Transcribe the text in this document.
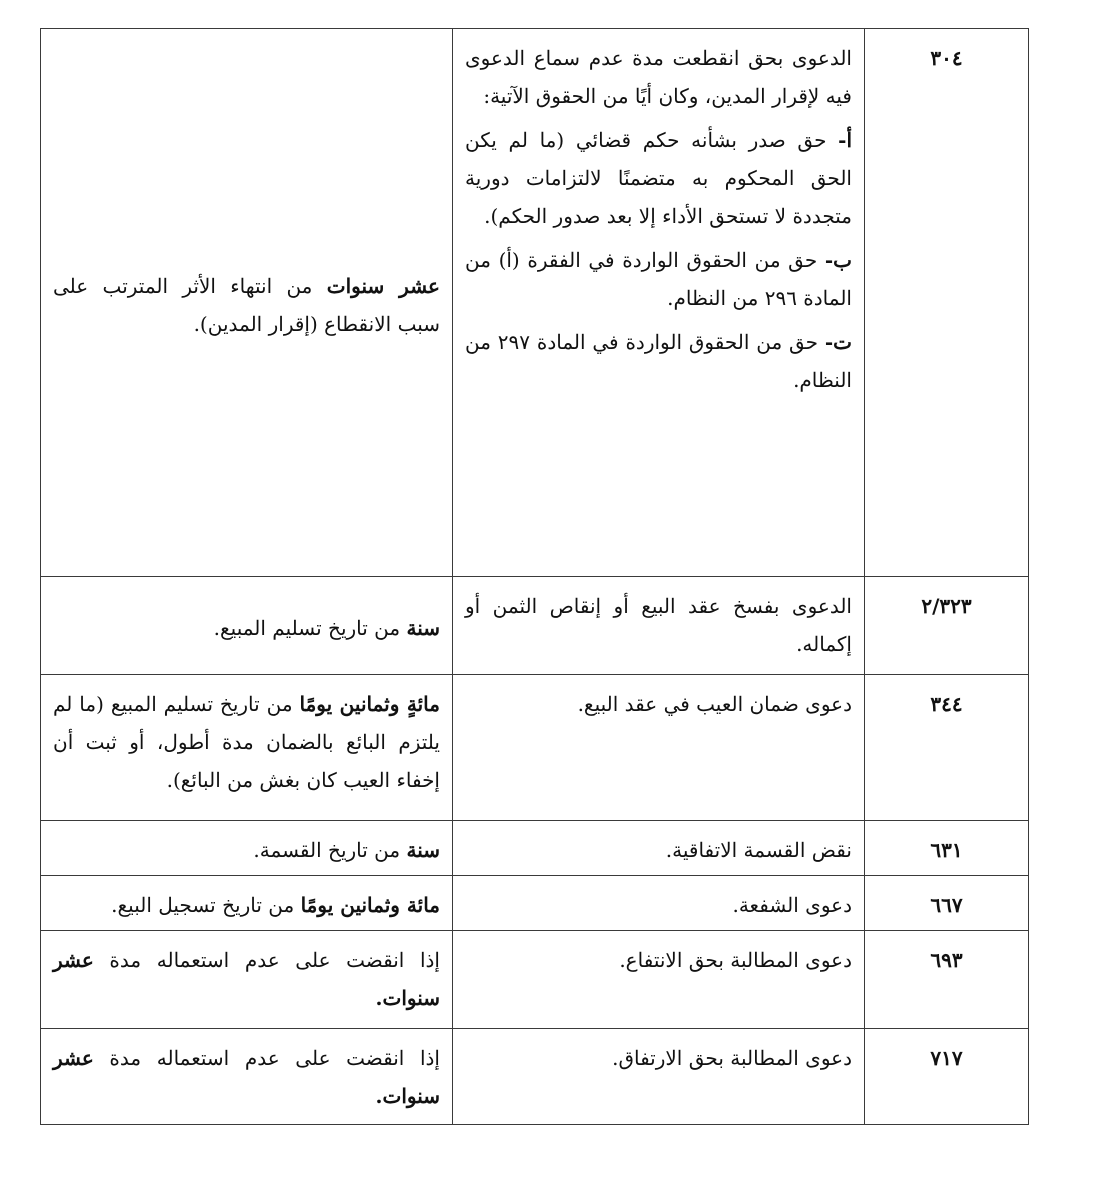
٣٠٤	الدعوى بحق انقطعت مدة عدم سماع الدعوى فيه لإقرار المدين، وكان أيًا من الحقوق الآتية:
أ- حق صدر بشأنه حكم قضائي (ما لم يكن الحق المحكوم به متضمنًا لالتزامات دورية متجددة لا تستحق الأداء إلا بعد صدور الحكم).
ب- حق من الحقوق الواردة في الفقرة (أ) من المادة ٢٩٦ من النظام.
ت- حق من الحقوق الواردة في المادة ٢٩٧ من النظام.	عشر سنوات من انتهاء الأثر المترتب على سبب الانقطاع (إقرار المدين).
٢/٣٢٣	الدعوى بفسخ عقد البيع أو إنقاص الثمن أو إكماله.	سنة من تاريخ تسليم المبيع.
٣٤٤	دعوى ضمان العيب في عقد البيع.	مائةٍ وثمانين يومًا من تاريخ تسليم المبيع (ما لم يلتزم البائع بالضمان مدة أطول، أو ثبت أن إخفاء العيب كان بغش من البائع).
٦٣١	نقض القسمة الاتفاقية.	سنة من تاريخ القسمة.
٦٦٧	دعوى الشفعة.	مائة وثمانين يومًا من تاريخ تسجيل البيع.
٦٩٣	دعوى المطالبة بحق الانتفاع.	إذا انقضت على عدم استعماله مدة عشر سنوات.
٧١٧	دعوى المطالبة بحق الارتفاق.	إذا انقضت على عدم استعماله مدة عشر سنوات.
